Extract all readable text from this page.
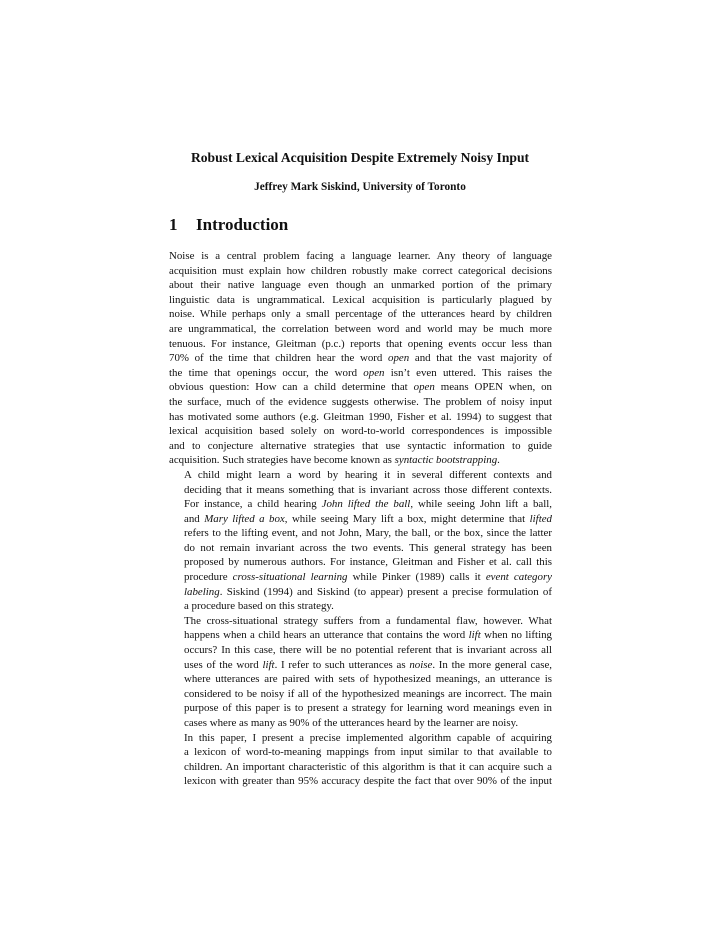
Robust Lexical Acquisition Despite Extremely Noisy Input
Jeffrey Mark Siskind, University of Toronto
1 Introduction

Noise is a central problem facing a language learner. Any theory of language
acquisition must explain how children robustly make correct categorical decisions
about their native language even though an unmarked portion of the primary
linguistic data is ungrammatical. Lexical acquisition is particularly plagued by
noise. While perhaps only a small percentage of the utterances heard by children
are ungrammatical, the correlation between word and world may be much more
tenuous. For instance, Gleitman (p.c.) reports that opening events occur less than
70% of the time that children hear the word open and that the vast majority of
the time that openings occur, the word open isn’t even uttered. This raises the
obvious question: How can a child determine that open means OPEN when, on
the surface, much of the evidence suggests otherwise. The problem of noisy input
has motivated some authors (e.g. Gleitman 1990, Fisher et al. 1994) to suggest that
lexical acquisition based solely on word-to-world correspondences is impossible
and to conjecture alternative strategies that use syntactic information to guide
acquisition. Such strategies have become known as syntactic bootstrapping.

A child might learn a word by hearing it in several different contexts and
deciding that it means something that is invariant across those different contexts.
For instance, a child hearing John lifted the ball, while seeing John lift a ball,
and Mary lifted a box, while seeing Mary lift a box, might determine that lifted
refers to the lifting event, and not John, Mary, the ball, or the box, since the latter
do not remain invariant across the two events. This general strategy has been
proposed by numerous authors. For instance, Gleitman and Fisher et al. call this
procedure cross-situational learning while Pinker (1989) calls it event category
labeling. Siskind (1994) and Siskind (to appear) present a precise formulation of
a procedure based on this strategy.

The cross-situational strategy suffers from a fundamental flaw, however. What
happens when a child hears an utterance that contains the word lift when no lifting
occurs? In this case, there will be no potential referent that is invariant across all
uses of the word lift. I refer to such utterances as noise. In the more general case,
where utterances are paired with sets of hypothesized meanings, an utterance is
considered to be noisy if all of the hypothesized meanings are incorrect. The main
purpose of this paper is to present a strategy for learning word meanings even in
cases where as many as 90% of the utterances heard by the learner are noisy.

In this paper, I present a precise implemented algorithm capable of acquiring
a lexicon of word-to-meaning mappings from input similar to that available to
children. An important characteristic of this algorithm is that it can acquire such a
lexicon with greater than 95% accuracy despite the fact that over 90% of the input
